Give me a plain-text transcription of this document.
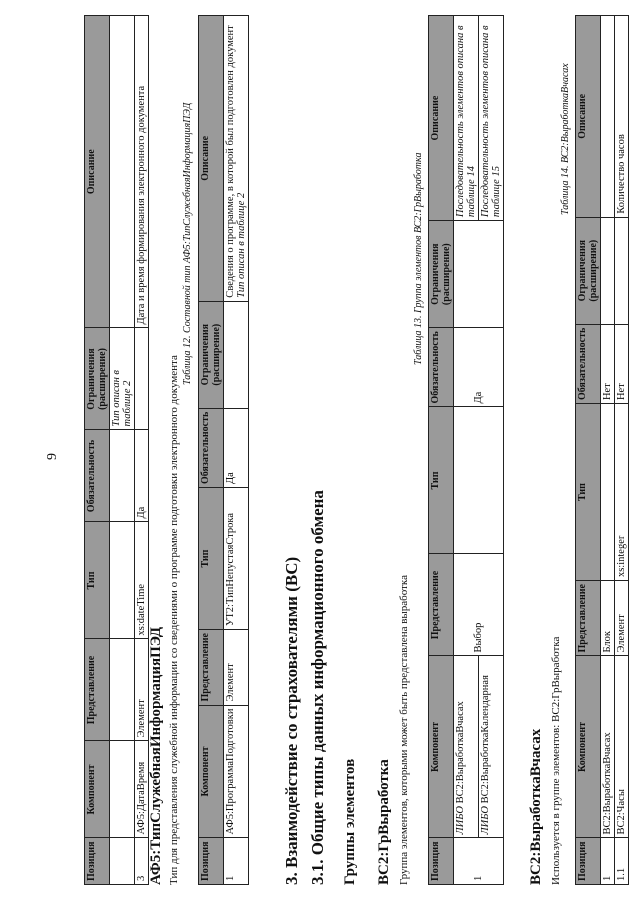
9
Позиция	Компонент	Представление	Тип	Обязательность	Ограничения (расширение)	Описание
					Тип описан в таблице 2	
3	АФ5:ДатаВремя	Элемент	xs:dateTime	Да		Дата и время формирования электронного документа
АФ5:ТипСлужебнаяИнформацияПЭД Тип для представления служебной информации со сведениями о программе подготовки электронного документа
Таблица 12. Составной тип АФ5:ТипСлужебнаяИнформацияПЭД
Позиция	Компонент	Представление	Тип	Обязательность	Ограничения (расширение)	Описание
1	АФ5:ПрограммаПодготовки	Элемент	УТ2:ТипНепустаяСтрока	Да		Сведения о программе, в которой был подготовлен документ Тип описан в таблице 2
3. Взаимодействие со страхователями (ВС) 3.1. Общие типы данных информационного обмена Группы элементов ВС2:ГрВыработка Группа элементов, которыми может быть представлена выработка
Таблица 13. Группа элементов ВС2:ГрВыработка
Позиция	Компонент	Представление	Тип	Обязательность	Ограничения (расширение)	Описание
1	ЛИБО ВС2:ВыработкаВчасах	Выбор		Да		Последовательность элементов описана в таблице 14
	ЛИБО ВС2:ВыработкаКалендарная					Последовательность элементов описана в таблице 15
ВС2:ВыработкаВчасах Используется в группе элементов: ВС2:ГрВыработка
Таблица 14. ВС2:ВыработкаВчасах
Позиция	Компонент	Представление	Тип	Обязательность	Ограничения (расширение)	Описание
1	ВС2:ВыработкаВчасах	Блок		Нет		
1.1	ВС2:Часы	Элемент	xs:integer	Нет		Количество часов
